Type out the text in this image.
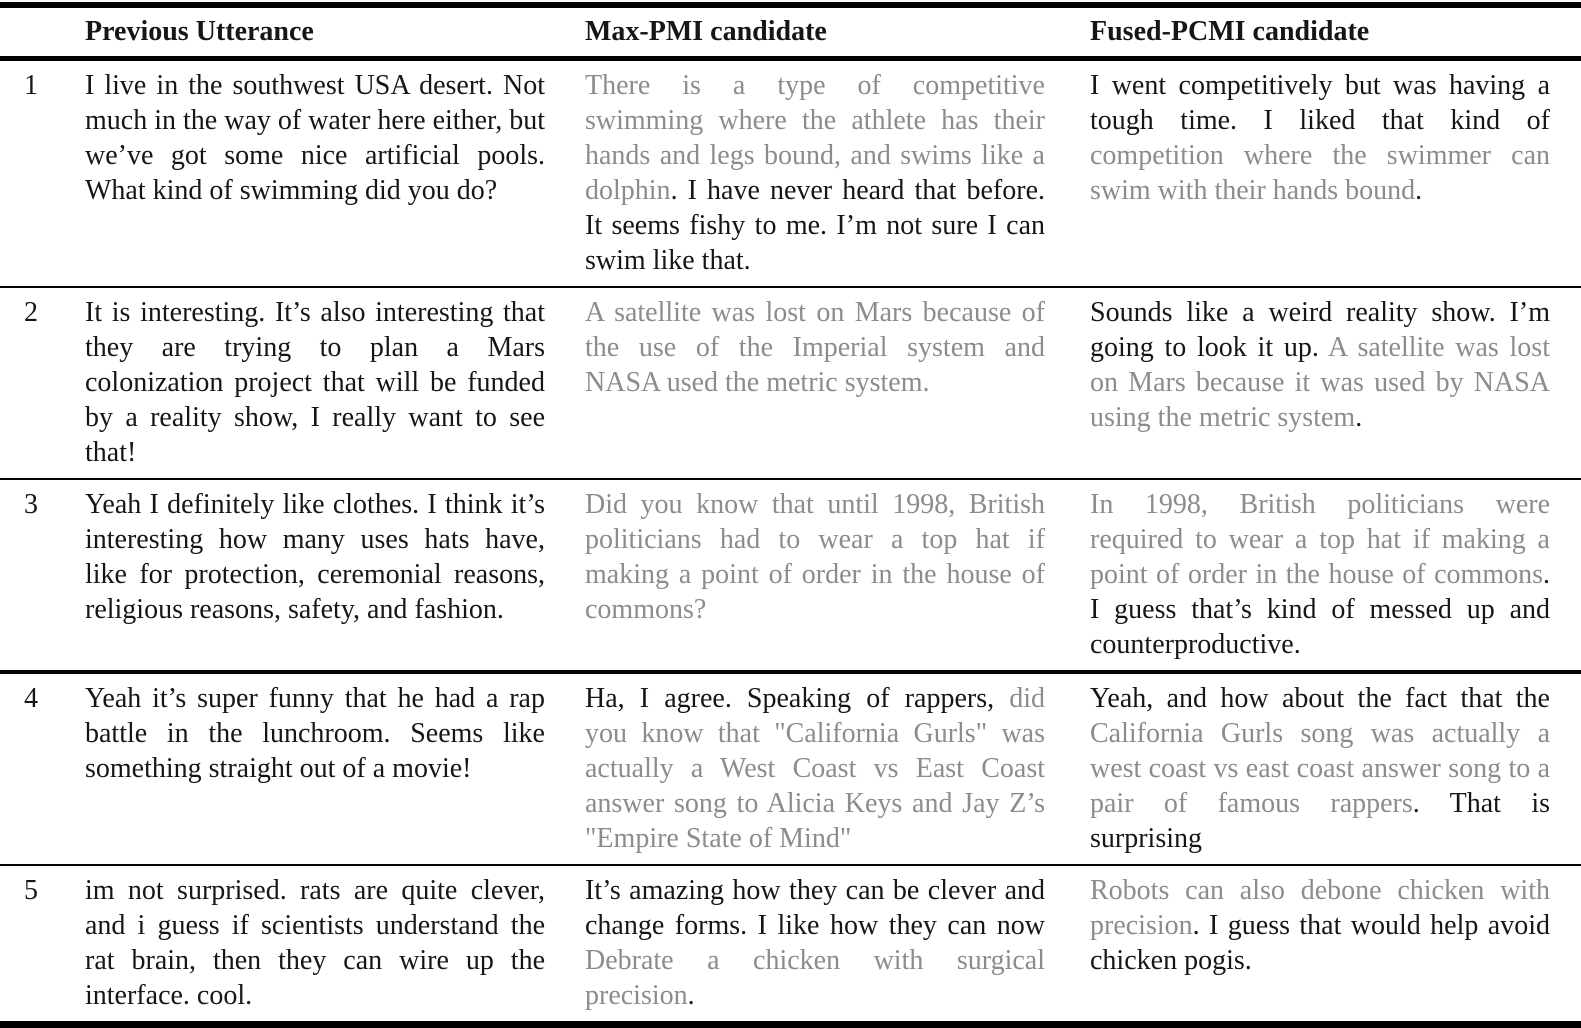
	Previous Utterance	Max-PMI candidate	Fused-PCMI candidate
1	I live in the southwest USA desert. Not much in the way of water here either, but we’ve got some nice artificial pools. What kind of swimming did you do?	There is a type of competitive swimming where the athlete has their hands and legs bound, and swims like a dolphin. I have never heard that before. It seems fishy to me. I’m not sure I can swim like that.	I went competitively but was having a tough time. I liked that kind of competition where the swimmer can swim with their hands bound.
2	It is interesting. It’s also interesting that they are trying to plan a Mars colonization project that will be funded by a reality show, I really want to see that!	A satellite was lost on Mars because of the use of the Imperial system and NASA used the metric system.	Sounds like a weird reality show. I’m going to look it up. A satellite was lost on Mars because it was used by NASA using the metric system.
3	Yeah I definitely like clothes. I think it’s interesting how many uses hats have, like for protection, ceremonial reasons, religious reasons, safety, and fashion.	Did you know that until 1998, British politicians had to wear a top hat if making a point of order in the house of commons?	In 1998, British politicians were required to wear a top hat if making a point of order in the house of commons. I guess that’s kind of messed up and counterproductive.
4	Yeah it’s super funny that he had a rap battle in the lunchroom. Seems like something straight out of a movie!	Ha, I agree. Speaking of rappers, did you know that "California Gurls" was actually a West Coast vs East Coast answer song to Alicia Keys and Jay Z’s "Empire State of Mind"	Yeah, and how about the fact that the California Gurls song was actually a west coast vs east coast answer song to a pair of famous rappers. That is surprising
5	im not surprised. rats are quite clever, and i guess if scientists understand the rat brain, then they can wire up the interface. cool.	It’s amazing how they can be clever and change forms. I like how they can now Debrate a chicken with surgical precision.	Robots can also debone chicken with precision. I guess that would help avoid chicken pogis.
